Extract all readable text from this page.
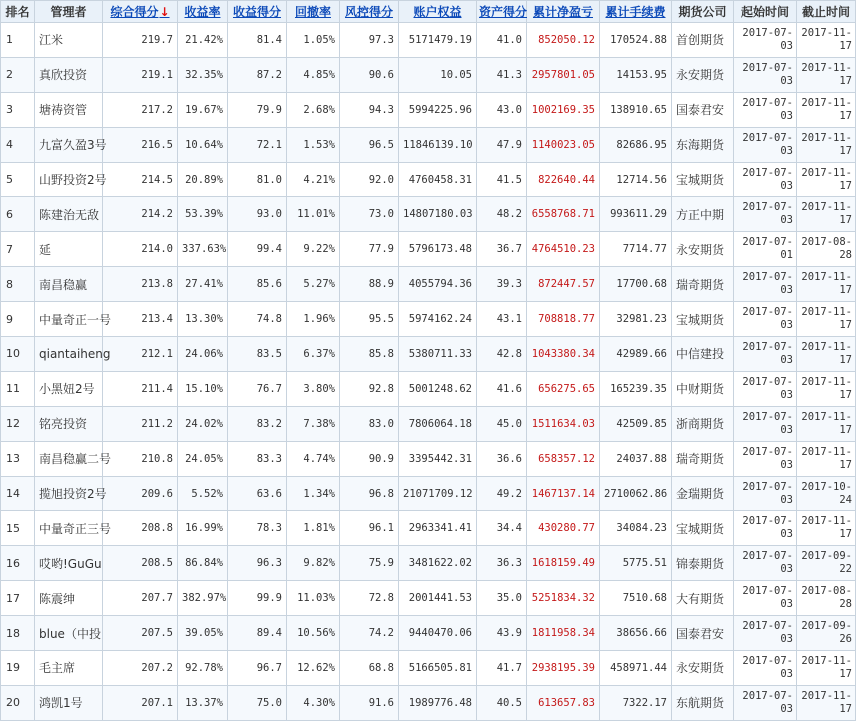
排名	管理者	综合得分↓	收益率	收益得分	回撤率	风控得分	账户权益	资产得分	累计净盈亏	累计手续费	期货公司	起始时间	截止时间
1	江米	219.7	21.42%	81.4	1.05%	97.3	5171479.19	41.0	852050.12	170524.88	首创期货	2017-07-03	2017-11-17
2	真欣投资	219.1	32.35%	87.2	4.85%	90.6	10.05	41.3	2957801.05	14153.95	永安期货	2017-07-03	2017-11-17
3	塘祷资管	217.2	19.67%	79.9	2.68%	94.3	5994225.96	43.0	1002169.35	138910.65	国泰君安	2017-07-03	2017-11-17
4	九富久盈3号	216.5	10.64%	72.1	1.53%	96.5	11846139.10	47.9	1140023.05	82686.95	东海期货	2017-07-03	2017-11-17
5	山野投资2号	214.5	20.89%	81.0	4.21%	92.0	4760458.31	41.5	822640.44	12714.56	宝城期货	2017-07-03	2017-11-17
6	陈建治无敌	214.2	53.39%	93.0	11.01%	73.0	14807180.03	48.2	6558768.71	993611.29	方正中期	2017-07-03	2017-11-17
7	延	214.0	337.63%	99.4	9.22%	77.9	5796173.48	36.7	4764510.23	7714.77	永安期货	2017-07-01	2017-08-28
8	南昌稳赢	213.8	27.41%	85.6	5.27%	88.9	4055794.36	39.3	872447.57	17700.68	瑞奇期货	2017-07-03	2017-11-17
9	中量奇正一号	213.4	13.30%	74.8	1.96%	95.5	5974162.24	43.1	708818.77	32981.23	宝城期货	2017-07-03	2017-11-17
10	qiantaiheng	212.1	24.06%	83.5	6.37%	85.8	5380711.33	42.8	1043380.34	42989.66	中信建投	2017-07-03	2017-11-17
11	小黑妞2号	211.4	15.10%	76.7	3.80%	92.8	5001248.62	41.6	656275.65	165239.35	中财期货	2017-07-03	2017-11-17
12	铭亮投资	211.2	24.02%	83.2	7.38%	83.0	7806064.18	45.0	1511634.03	42509.85	浙商期货	2017-07-03	2017-11-17
13	南昌稳赢二号	210.8	24.05%	83.3	4.74%	90.9	3395442.31	36.6	658357.12	24037.88	瑞奇期货	2017-07-03	2017-11-17
14	揽旭投资2号	209.6	5.52%	63.6	1.34%	96.8	21071709.12	49.2	1467137.14	2710062.86	金瑞期货	2017-07-03	2017-10-24
15	中量奇正三号	208.8	16.99%	78.3	1.81%	96.1	2963341.41	34.4	430280.77	34084.23	宝城期货	2017-07-03	2017-11-17
16	哎哟!GuGu	208.5	86.84%	96.3	9.82%	75.9	3481622.02	36.3	1618159.49	5775.51	锦泰期货	2017-07-03	2017-09-22
17	陈震绅	207.7	382.97%	99.9	11.03%	72.8	2001441.53	35.0	5251834.32	7510.68	大有期货	2017-07-03	2017-08-28
18	blue（中投	207.5	39.05%	89.4	10.56%	74.2	9440470.06	43.9	1811958.34	38656.66	国泰君安	2017-07-03	2017-09-26
19	毛主席	207.2	92.78%	96.7	12.62%	68.8	5166505.81	41.7	2938195.39	458971.44	永安期货	2017-07-03	2017-11-17
20	鸿凯1号	207.1	13.37%	75.0	4.30%	91.6	1989776.48	40.5	613657.83	7322.17	东航期货	2017-07-03	2017-11-17
